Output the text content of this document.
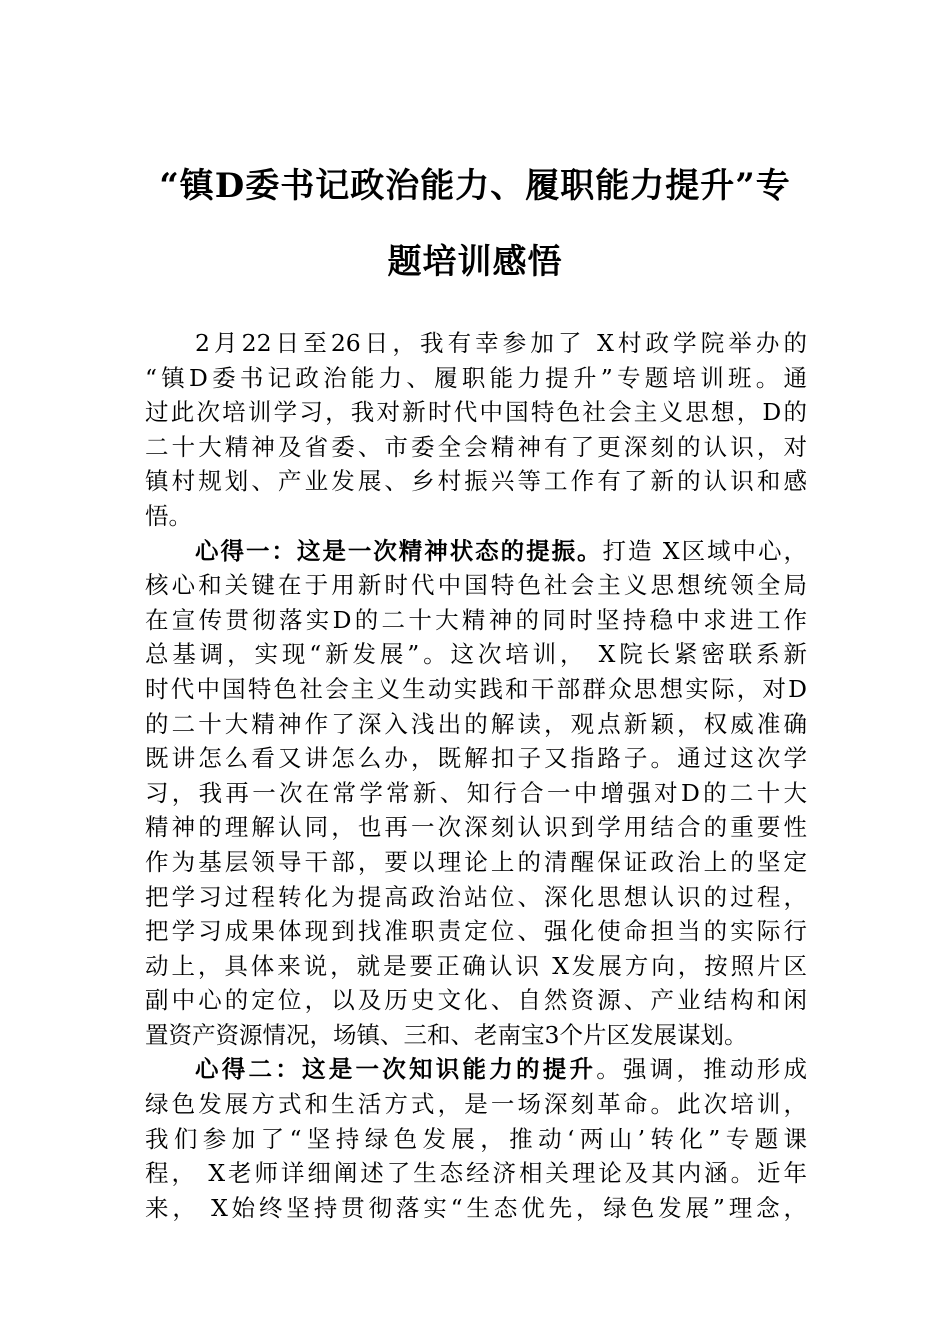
“镇D委书记政治能力、履职能力提升”专
题培训感悟
2月22日至26日，我有幸参加了 X村政学院举办的
“镇D委书记政治能力、履职能力提升”专题培训班。通
过此次培训学习，我对新时代中国特色社会主义思想，D的
二十大精神及省委、市委全会精神有了更深刻的认识，对
镇村规划、产业发展、乡村振兴等工作有了新的认识和感
悟。
心得一：这是一次精神状态的提振。打造 X区域中心，
核心和关键在于用新时代中国特色社会主义思想统领全局
在宣传贯彻落实D的二十大精神的同时坚持稳中求进工作
总基调，实现“新发展”。这次培训， X院长紧密联系新
时代中国特色社会主义生动实践和干部群众思想实际，对D
的二十大精神作了深入浅出的解读，观点新颖，权威准确
既讲怎么看又讲怎么办，既解扣子又指路子。通过这次学
习，我再一次在常学常新、知行合一中增强对D的二十大
精神的理解认同，也再一次深刻认识到学用结合的重要性
作为基层领导干部，要以理论上的清醒保证政治上的坚定
把学习过程转化为提高政治站位、深化思想认识的过程，
把学习成果体现到找准职责定位、强化使命担当的实际行
动上，具体来说，就是要正确认识 X发展方向，按照片区
副中心的定位，以及历史文化、自然资源、产业结构和闲
置资产资源情况，场镇、三和、老南宝3个片区发展谋划。
心得二：这是一次知识能力的提升。强调，推动形成
绿色发展方式和生活方式，是一场深刻革命。此次培训，
我们参加了“坚持绿色发展，推动‘两山’转化”专题课
程， X老师详细阐述了生态经济相关理论及其内涵。近年
来， X始终坚持贯彻落实“生态优先，绿色发展”理念，
